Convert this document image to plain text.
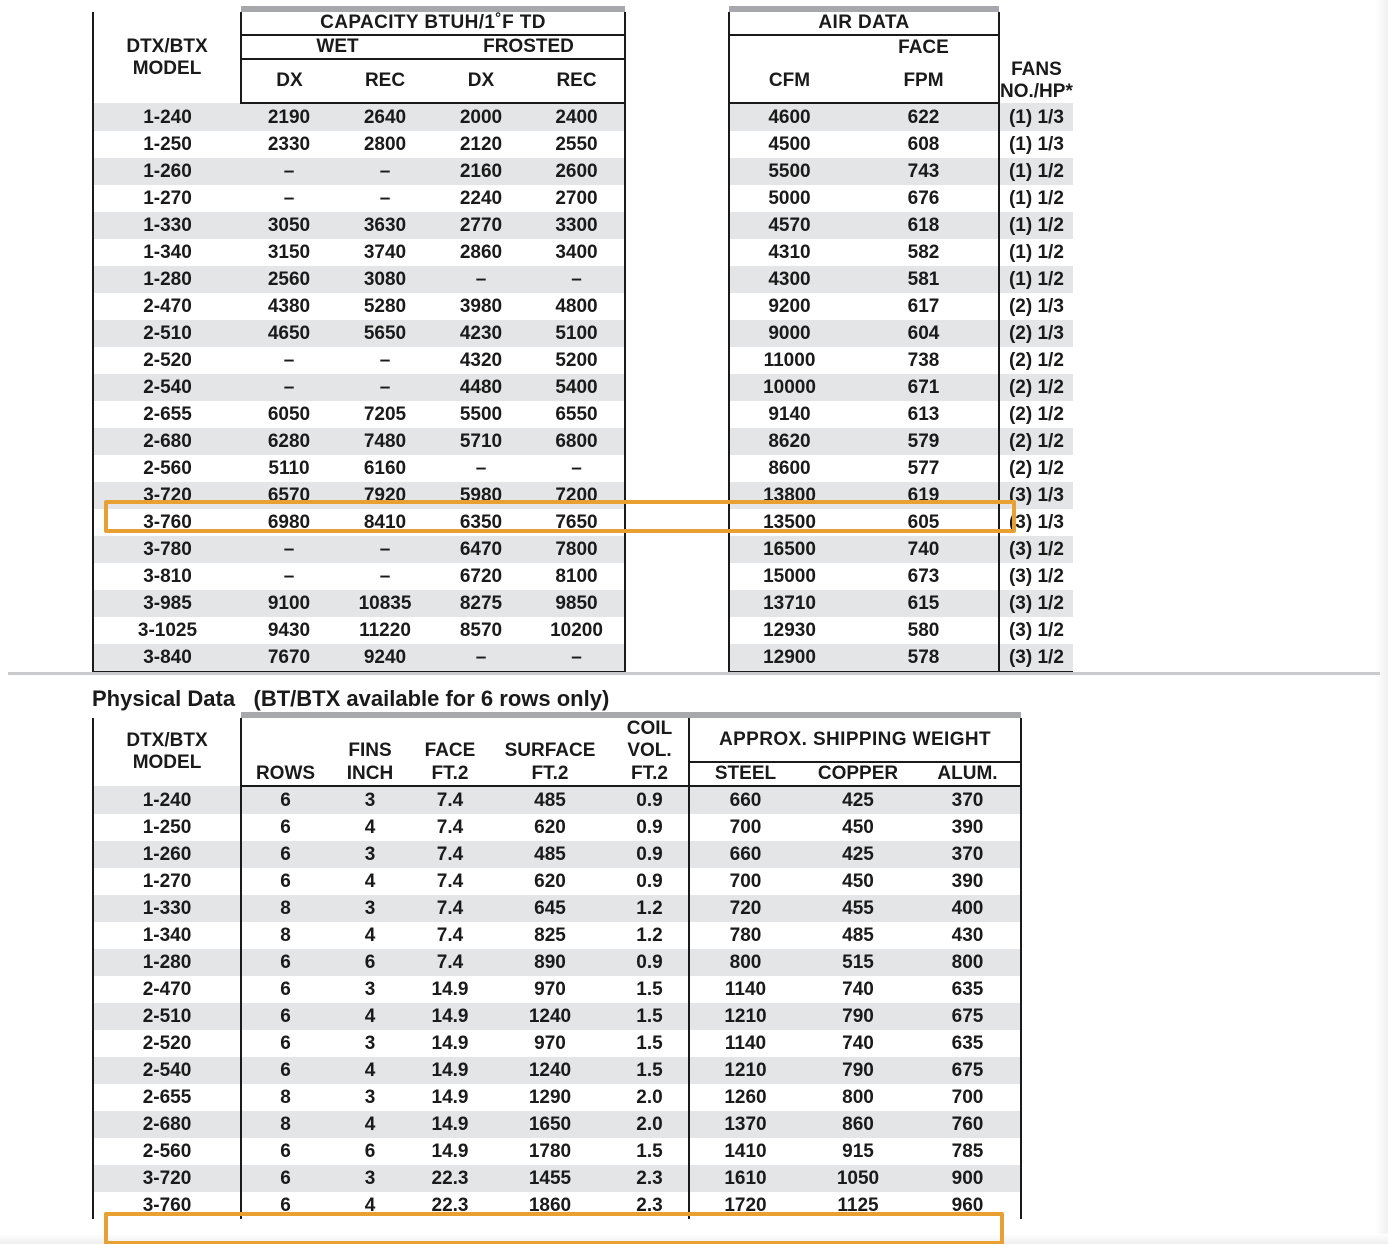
DTX/BTX
MODEL	CAPACITY BTUH/1˚F TD					AIR DATA		
	WET		FROSTED				FACE	
	DX	REC	DX	REC		CFM	FPM	FANS
NO./HP*

1-240	2190	2640	2000	2400		4600	622	(1) 1/3
1-250	2330	2800	2120	2550		4500	608	(1) 1/3
1-260	–	–	2160	2600		5500	743	(1) 1/2
1-270	–	–	2240	2700		5000	676	(1) 1/2
1-330	3050	3630	2770	3300		4570	618	(1) 1/2
1-340	3150	3740	2860	3400		4310	582	(1) 1/2
1-280	2560	3080	–	–		4300	581	(1) 1/2
2-470	4380	5280	3980	4800		9200	617	(2) 1/3
2-510	4650	5650	4230	5100		9000	604	(2) 1/3
2-520	–	–	4320	5200		11000	738	(2) 1/2
2-540	–	–	4480	5400		10000	671	(2) 1/2
2-655	6050	7205	5500	6550		9140	613	(2) 1/2
2-680	6280	7480	5710	6800		8620	579	(2) 1/2
2-560	5110	6160	–	–		8600	577	(2) 1/2
3-720	6570	7920	5980	7200		13800	619	(3) 1/3
3-760	6980	8410	6350	7650		13500	605	(3) 1/3
3-780	–	–	6470	7800		16500	740	(3) 1/2
3-810	–	–	6720	8100		15000	673	(3) 1/2
3-985	9100	10835	8275	9850		13710	615	(3) 1/2
3-1025	9430	11220	8570	10200		12930	580	(3) 1/2
3-840	7670	9240	–	–		12900	578	(3) 1/2
Physical Data (BT/BTX available for 6 rows only)

DTX/BTX
MODEL
		FINS	FACE	SURFACE	
COIL
VOL.
	APPROX. SHIPPING WEIGHT
	ROWS	INCH	FT.2	FT.2	FT.2	STEEL	COPPER	ALUM.
1-240	6	3	7.4	485	0.9	660	425	370
1-250	6	4	7.4	620	0.9	700	450	390
1-260	6	3	7.4	485	0.9	660	425	370
1-270	6	4	7.4	620	0.9	700	450	390
1-330	8	3	7.4	645	1.2	720	455	400
1-340	8	4	7.4	825	1.2	780	485	430
1-280	6	6	7.4	890	0.9	800	515	800
2-470	6	3	14.9	970	1.5	1140	740	635
2-510	6	4	14.9	1240	1.5	1210	790	675
2-520	6	3	14.9	970	1.5	1140	740	635
2-540	6	4	14.9	1240	1.5	1210	790	675
2-655	8	3	14.9	1290	2.0	1260	800	700
2-680	8	4	14.9	1650	2.0	1370	860	760
2-560	6	6	14.9	1780	1.5	1410	915	785
3-720	6	3	22.3	1455	2.3	1610	1050	900
3-760	6	4	22.3	1860	2.3	1720	1125	960
